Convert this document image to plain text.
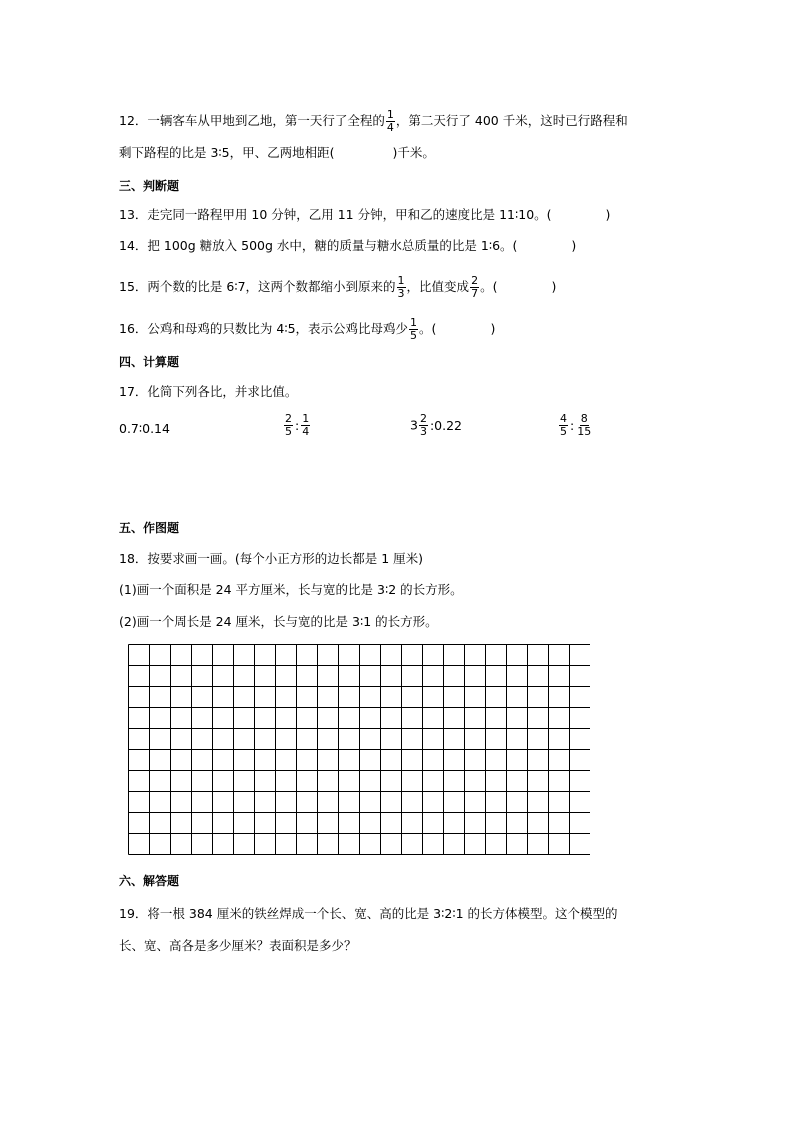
12．一辆客车从甲地到乙地，第一天行了全程的 $\frac{1}{4}$ ，第二天行了 400 千米，这时已行路程和
剩下路程的比是 3∶5，甲、乙两地相距(	)千米。
三、判断题
13．走完同一路程甲用 10 分钟，乙用 11 分钟，甲和乙的速度比是 11∶10。(	)
14．把 100g 糖放入 500g 水中，糖的质量与糖水总质量的比是 1∶6。(	)
15．两个数的比是 6∶7，这两个数都缩小到原来的 $\frac{1}{3}$ ，比值变成 $\frac{2}{7}$ 。(	)
16．公鸡和母鸡的只数比为 4∶5，表示公鸡比母鸡少 $\frac{1}{5}$ 。(	)
四、计算题
17．化简下列各比，并求比值。
0.7∶0.14	$\frac{2}{5}$ : $\frac{1}{4}$	$3 \frac{2}{3}$ :0.22	$\frac{4}{5}$ : $\frac{8}{15}$
五、作图题
18．按要求画一画。(每个小正方形的边长都是 1 厘米)
(1)画一个面积是 24 平方厘米，长与宽的比是 3∶2 的长方形。
(2)画一个周长是 24 厘米，长与宽的比是 3∶1 的长方形。
六、解答题
19．将一根 384 厘米的铁丝焊成一个长、宽、高的比是 3∶2∶1 的长方体模型。这个模型的
长、宽、高各是多少厘米？表面积是多少？
